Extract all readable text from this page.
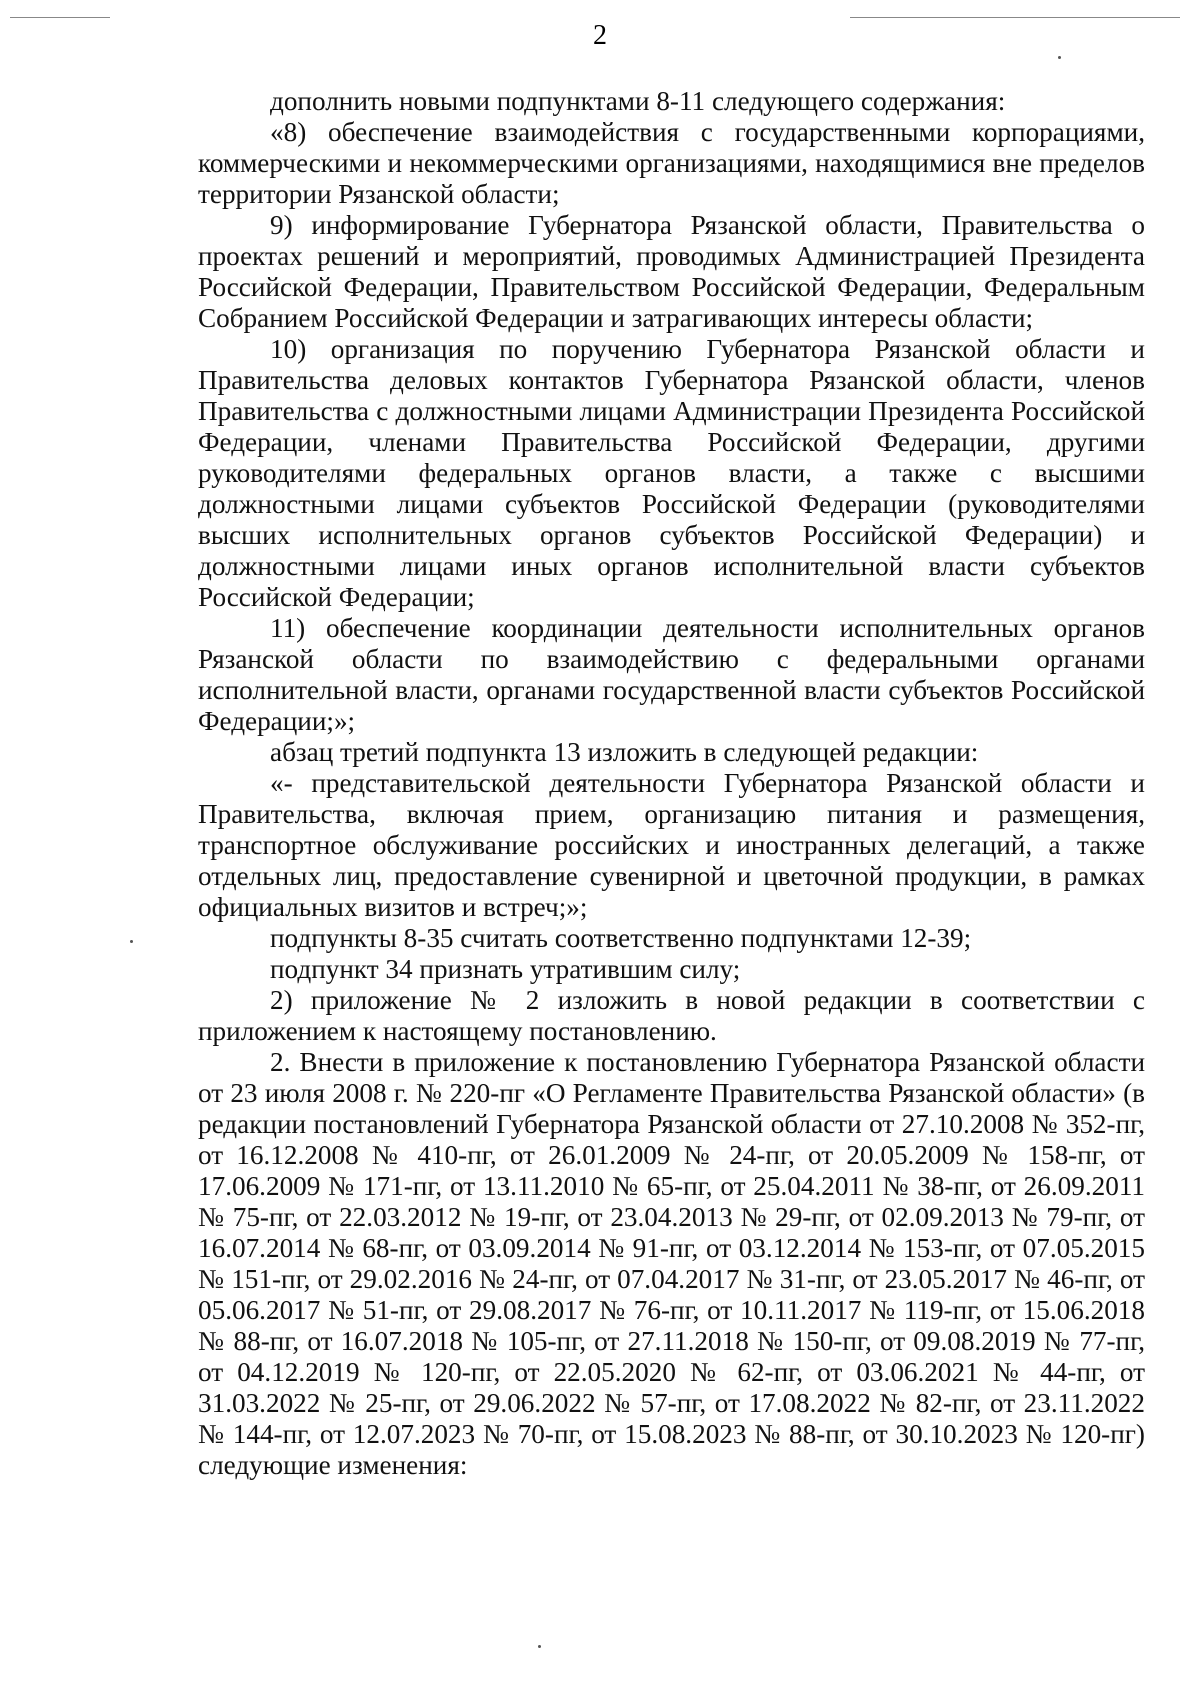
2

дополнить новыми подпунктами 8-11 следующего содержания:

«8) обеспечение взаимодействия с государственными корпорациями, коммерческими и некоммерческими организациями, находящимися вне пределов территории Рязанской области;

9) информирование Губернатора Рязанской области, Правительства о проектах решений и мероприятий, проводимых Администрацией Президента Российской Федерации, Правительством Российской Федерации, Федеральным Собранием Российской Федерации и затрагивающих интересы области;

10) организация по поручению Губернатора Рязанской области и Правительства деловых контактов Губернатора Рязанской области, членов Правительства с должностными лицами Администрации Президента Российской Федерации, членами Правительства Российской Федерации, другими руководителями федеральных органов власти, а также с высшими должностными лицами субъектов Российской Федерации (руководителями высших исполнительных органов субъектов Российской Федерации) и должностными лицами иных органов исполнительной власти субъектов Российской Федерации;

11) обеспечение координации деятельности исполнительных органов Рязанской области по взаимодействию с федеральными органами исполнительной власти, органами государственной власти субъектов Российской Федерации;»;

абзац третий подпункта 13 изложить в следующей редакции:

«- представительской деятельности Губернатора Рязанской области и Правительства, включая прием, организацию питания и размещения, транспортное обслуживание российских и иностранных делегаций, а также отдельных лиц, предоставление сувенирной и цветочной продукции, в рамках официальных визитов и встреч;»;

подпункты 8-35 считать соответственно подпунктами 12-39;

подпункт 34 признать утратившим силу;

2) приложение № 2 изложить в новой редакции в соответствии с приложением к настоящему постановлению.

2. Внести в приложение к постановлению Губернатора Рязанской области от 23 июля 2008 г. № 220-пг «О Регламенте Правительства Рязанской области» (в редакции постановлений Губернатора Рязанской области от 27.10.2008 № 352-пг, от 16.12.2008 № 410-пг, от 26.01.2009 № 24-пг, от 20.05.2009 № 158-пг, от 17.06.2009 № 171-пг, от 13.11.2010 № 65-пг, от 25.04.2011 № 38-пг, от 26.09.2011 № 75-пг, от 22.03.2012 № 19-пг, от 23.04.2013 № 29-пг, от 02.09.2013 № 79-пг, от 16.07.2014 № 68-пг, от 03.09.2014 № 91-пг, от 03.12.2014 № 153-пг, от 07.05.2015 № 151-пг, от 29.02.2016 № 24-пг, от 07.04.2017 № 31-пг, от 23.05.2017 № 46-пг, от 05.06.2017 № 51-пг, от 29.08.2017 № 76-пг, от 10.11.2017 № 119-пг, от 15.06.2018 № 88-пг, от 16.07.2018 № 105-пг, от 27.11.2018 № 150-пг, от 09.08.2019 № 77-пг, от 04.12.2019 № 120-пг, от 22.05.2020 № 62-пг, от 03.06.2021 № 44-пг, от 31.03.2022 № 25-пг, от 29.06.2022 № 57-пг, от 17.08.2022 № 82-пг, от 23.11.2022 № 144-пг, от 12.07.2023 № 70-пг, от 15.08.2023 № 88-пг, от 30.10.2023 № 120-пг) следующие изменения:
